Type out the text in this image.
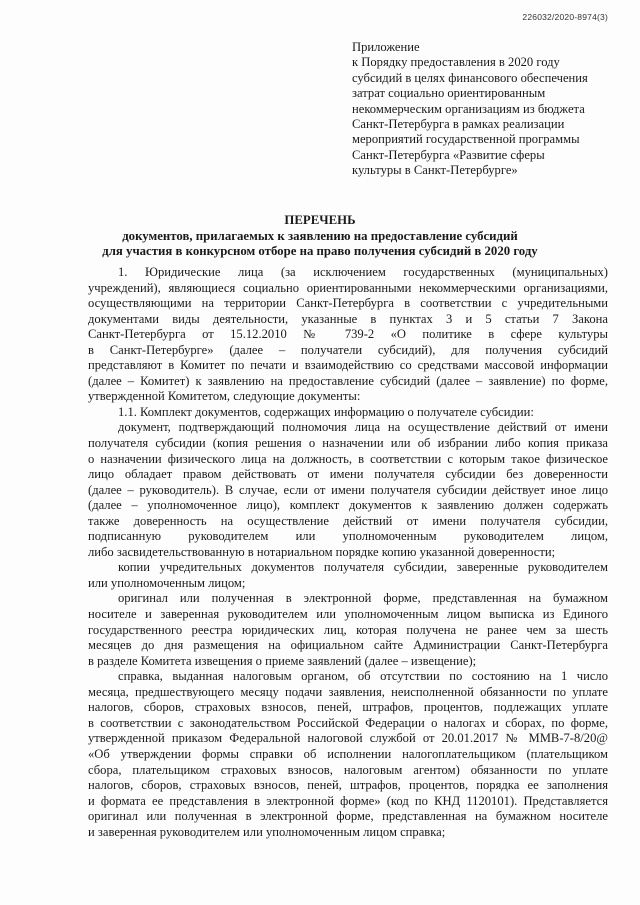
226032/2020-8974(3)
Приложение
к Порядку предоставления в 2020 году
субсидий в целях финансового обеспечения
затрат социально ориентированным
некоммерческим организациям из бюджета
Санкт-Петербурга в рамках реализации
мероприятий государственной программы
Санкт-Петербурга «Развитие сферы
культуры в Санкт-Петербурге»
ПЕРЕЧЕНЬ
документов, прилагаемых к заявлению на предоставление субсидий
для участия в конкурсном отборе на право получения субсидий в 2020 году
1. Юридические лица (за исключением государственных (муниципальных)
учреждений), являющиеся социально ориентированными некоммерческими организациями,
осуществляющими на территории Санкт-Петербурга в соответствии с учредительными
документами виды деятельности, указанные в пунктах 3 и 5 статьи 7 Закона
Санкт-Петербурга от 15.12.2010 № 739-2 «О политике в сфере культуры
в Санкт-Петербурге» (далее – получатели субсидий), для получения субсидий
представляют в Комитет по печати и взаимодействию со средствами массовой информации
(далее – Комитет) к заявлению на предоставление субсидий (далее – заявление) по форме,
утвержденной Комитетом, следующие документы:
1.1. Комплект документов, содержащих информацию о получателе субсидии:
документ, подтверждающий полномочия лица на осуществление действий от имени
получателя субсидии (копия решения о назначении или об избрании либо копия приказа
о назначении физического лица на должность, в соответствии с которым такое физическое
лицо обладает правом действовать от имени получателя субсидии без доверенности
(далее – руководитель). В случае, если от имени получателя субсидии действует иное лицо
(далее – уполномоченное лицо), комплект документов к заявлению должен содержать
также доверенность на осуществление действий от имени получателя субсидии,
подписанную руководителем или уполномоченным руководителем лицом,
либо засвидетельствованную в нотариальном порядке копию указанной доверенности;
копии учредительных документов получателя субсидии, заверенные руководителем
или уполномоченным лицом;
оригинал или полученная в электронной форме, представленная на бумажном
носителе и заверенная руководителем или уполномоченным лицом выписка из Единого
государственного реестра юридических лиц, которая получена не ранее чем за шесть
месяцев до дня размещения на официальном сайте Администрации Санкт-Петербурга
в разделе Комитета извещения о приеме заявлений (далее – извещение);
справка, выданная налоговым органом, об отсутствии по состоянию на 1 число
месяца, предшествующего месяцу подачи заявления, неисполненной обязанности по уплате
налогов, сборов, страховых взносов, пеней, штрафов, процентов, подлежащих уплате
в соответствии с законодательством Российской Федерации о налогах и сборах, по форме,
утвержденной приказом Федеральной налоговой службой от 20.01.2017 № ММВ-7-8/20@
«Об утверждении формы справки об исполнении налогоплательщиком (плательщиком
сбора, плательщиком страховых взносов, налоговым агентом) обязанности по уплате
налогов, сборов, страховых взносов, пеней, штрафов, процентов, порядка ее заполнения
и формата ее представления в электронной форме» (код по КНД 1120101). Представляется
оригинал или полученная в электронной форме, представленная на бумажном носителе
и заверенная руководителем или уполномоченным лицом справка;
